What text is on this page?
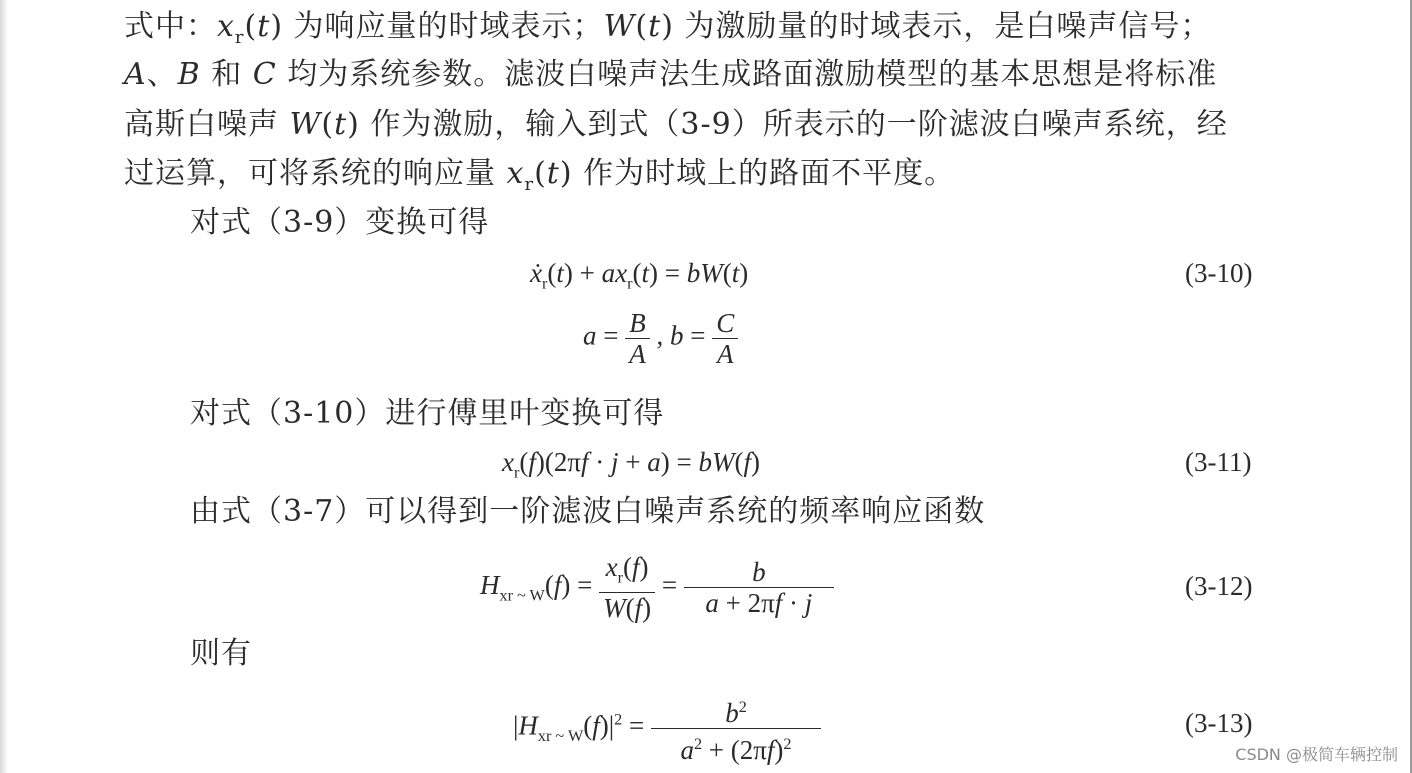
式中：$x_r(t)$ 为响应量的时域表示；W(t) 为激励量的时域表示，是白噪声信号；
A、B 和 C 均为系统参数。滤波白噪声法生成路面激励模型的基本思想是将标准
高斯白噪声 W(t) 作为激励，输入到式（3-9）所表示的一阶滤波白噪声系统，经
过运算，可将系统的响应量 $x_r(t)$ 作为时域上的路面不平度。
对式（3-9）变换可得
ẋ$_r$(t) + $ax_r(t) = bW(t)$	(3-10)
$a = \frac{B}{A}$ , $b = \frac{C}{A}$
对式（3-10）进行傅里叶变换可得
$x_r(f)(2\pi f \cdot j + a) = bW(f)$	(3-11)
由式（3-7）可以得到一阶滤波白噪声系统的频率响应函数
$H_{xr \sim W}(f) = \frac{x_r(f)}{W(f)} = \frac{b}{a + 2\pi f \cdot j}$	(3-12)
则有
$|H_{xr \sim W}(f)|^2 = \frac{b^2}{a^2 + (2\pi f)^2}$	(3-13)
CSDN @极简车辆控制
